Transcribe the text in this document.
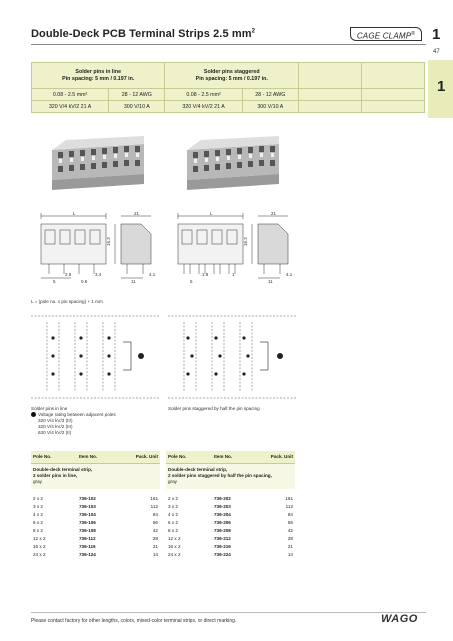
Double-Deck PCB Terminal Strips 2.5 $mm^2$
CAGE CLAMP®	1
47
1
Solder pins in line
Pin spacing: 5 mm / 0.197 in.		Solder pins staggered
Pin spacing: 5 mm / 0.197 in.			
0.08 - 2.5 mm²	28 - 12 AWG	0.08 - 2.5 mm²	28 - 12 AWG		
320 V/4 kV/2 21 A	300 V/10 A	320 V/4 kV/2 21 A	300 V/10 A		
L	21
16.3
5
2.5
11
4.1
3.4
0.6
L	21
16.3
5
1.8
11
4.1
1
L = (pole no. x pin spacing) + 1 mm
Solder pins in line	Solder pins staggered by half the pin spacing
Voltage rating between adjacent poles
320 V/4 kV/3 (III)
320 V/4 kV/2 (III)
630 V/4 kV/2 (II)
Pole No.	Item No.	Pack. Unit
Double-deck terminal strip,
2 solder pins in line,
gray		

2 x 2	736-102	161
3 x 2	736-103	112
4 x 2	736-104	84
6 x 2	736-106	56
8 x 2	736-108	42
12 x 2	736-112	28
16 x 2	736-116	21
24 x 2	736-124	14
Pole No.	Item No.	Pack. Unit
Double-deck terminal strip,
2 solder pins staggered by half the pin spacing,
gray		

2 x 2	736-202	161
3 x 2	736-203	112
4 x 2	736-204	84
6 x 2	736-206	56
8 x 2	736-208	42
12 x 2	736-212	28
16 x 2	736-216	21
24 x 2	736-224	14
Please contact factory for other lengths, colors, mixed-color terminal strips, or direct marking.	WAGO
